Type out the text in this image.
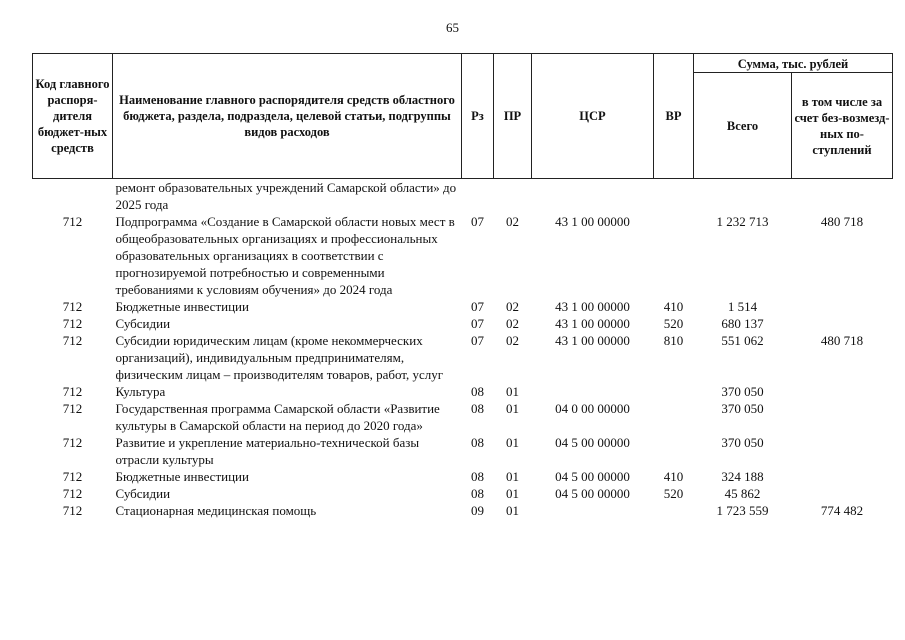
65
Код главного распоря-дителя бюджет-ных средств	Наименование главного распорядителя средств областного бюджета, раздела, подраздела, целевой статьи, подгруппы видов расходов	Рз	ПР	ЦСР	ВР	Сумма, тыс. рублей	
						Всего	в том числе за счет без-возмезд-ных по-ступлений
	ремонт образовательных учреждений Самарской области» до 2025 года						
712	Подпрограмма «Создание в Самарской области новых мест в общеобразовательных организациях и профессиональных образовательных организациях в соответствии с прогнозируемой потребностью и современными требованиями к условиям обучения» до 2024 года	07	02	43 1 00 00000		1 232 713	480 718
712	Бюджетные инвестиции	07	02	43 1 00 00000	410	1 514	
712	Субсидии	07	02	43 1 00 00000	520	680 137	
712	Субсидии юридическим лицам (кроме некоммерческих организаций), индивидуальным предпринимателям, физическим лицам – производителям товаров, работ, услуг	07	02	43 1 00 00000	810	551 062	480 718
712	Культура	08	01			370 050	
712	Государственная программа Самарской области «Развитие культуры в Самарской области на период до 2020 года»	08	01	04 0 00 00000		370 050	
712	Развитие и укрепление материально-технической базы отрасли культуры	08	01	04 5 00 00000		370 050	
712	Бюджетные инвестиции	08	01	04 5 00 00000	410	324 188	
712	Субсидии	08	01	04 5 00 00000	520	45 862	
712	Стационарная медицинская помощь	09	01			1 723 559	774 482
